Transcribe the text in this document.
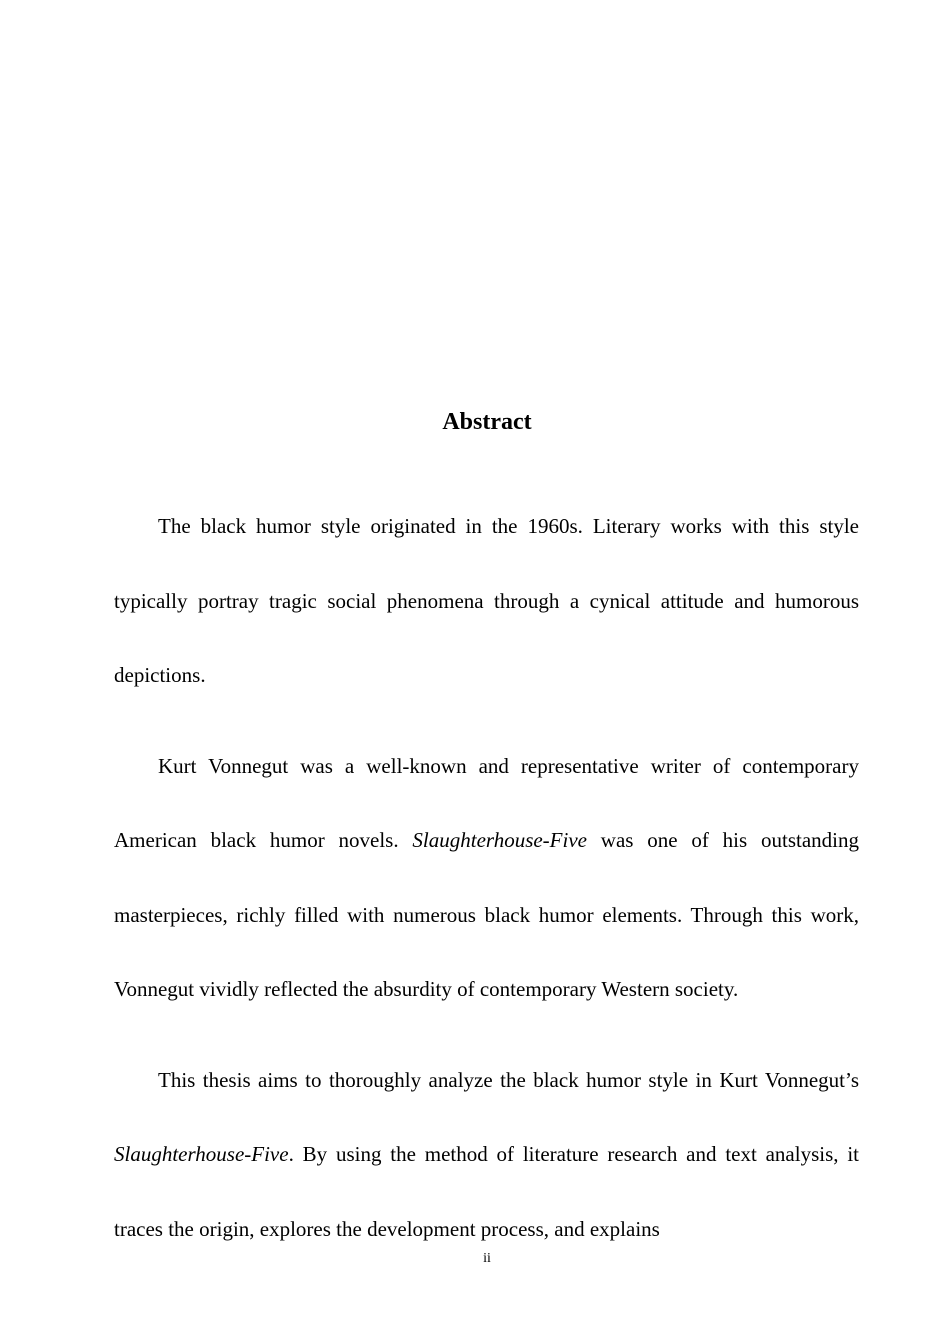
Abstract

The black humor style originated in the 1960s. Literary works with this style typically portray tragic social phenomena through a cynical attitude and humorous depictions.

Kurt Vonnegut was a well-known and representative writer of contemporary American black humor novels. Slaughterhouse-Five was one of his outstanding masterpieces, richly filled with numerous black humor elements. Through this work, Vonnegut vividly reflected the absurdity of contemporary Western society.

This thesis aims to thoroughly analyze the black humor style in Kurt Vonnegut’s Slaughterhouse-Five. By using the method of literature research and text analysis, it traces the origin, explores the development process, and explains

ii
